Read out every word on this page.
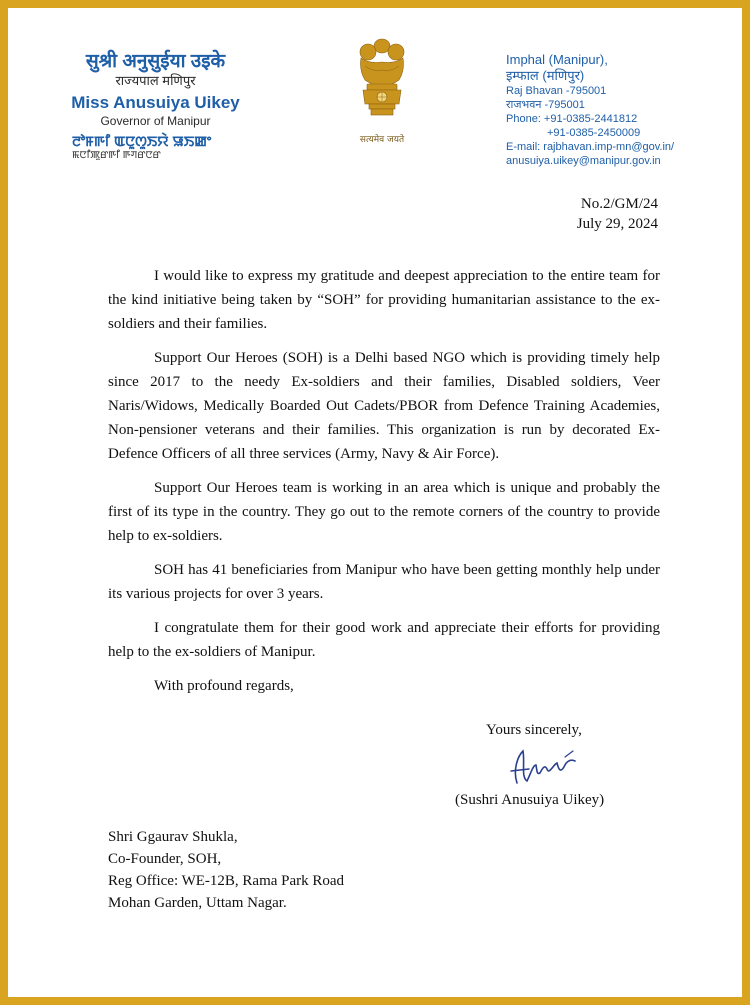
सुश्री अनुसुईया उइके
राज्यपाल मणिपुर
Miss Anusuiya Uikey
Governor of Manipur
ꯂꯣꯝꯒꯤ ꯑꯅꯨꯁꯨꯏꯌꯥ ꯎꯏꯀꯦ
ꯃꯅꯤꯄꯨꯔꯒꯤ ꯒꯚꯔꯅꯔ
सत्यमेव जयते
Imphal (Manipur),
इम्फाल (मणिपुर)
Raj Bhavan -795001
राजभवन -795001
Phone: +91-0385-2441812
+91-0385-2450009
E-mail: rajbhavan.imp-mn@gov.in/
anusuiya.uikey@manipur.gov.in
No.2/GM/24
July 29, 2024

I would like to express my gratitude and deepest appreciation to the entire team for the kind initiative being taken by “SOH” for providing humanitarian assistance to the ex-soldiers and their families.

Support Our Heroes (SOH) is a Delhi based NGO which is providing timely help since 2017 to the needy Ex-soldiers and their families, Disabled soldiers, Veer Naris/Widows, Medically Boarded Out Cadets/PBOR from Defence Training Academies, Non-pensioner veterans and their families. This organization is run by decorated Ex-Defence Officers of all three services (Army, Navy & Air Force).

Support Our Heroes team is working in an area which is unique and probably the first of its type in the country. They go out to the remote corners of the country to provide help to ex-soldiers.

SOH has 41 beneficiaries from Manipur who have been getting monthly help under its various projects for over 3 years.

I congratulate them for their good work and appreciate their efforts for providing help to the ex-soldiers of Manipur.

With profound regards,

Yours sincerely,
(Sushri Anusuiya Uikey)
Shri Ggaurav Shukla,
Co-Founder, SOH,
Reg Office: WE-12B, Rama Park Road
Mohan Garden, Uttam Nagar.
